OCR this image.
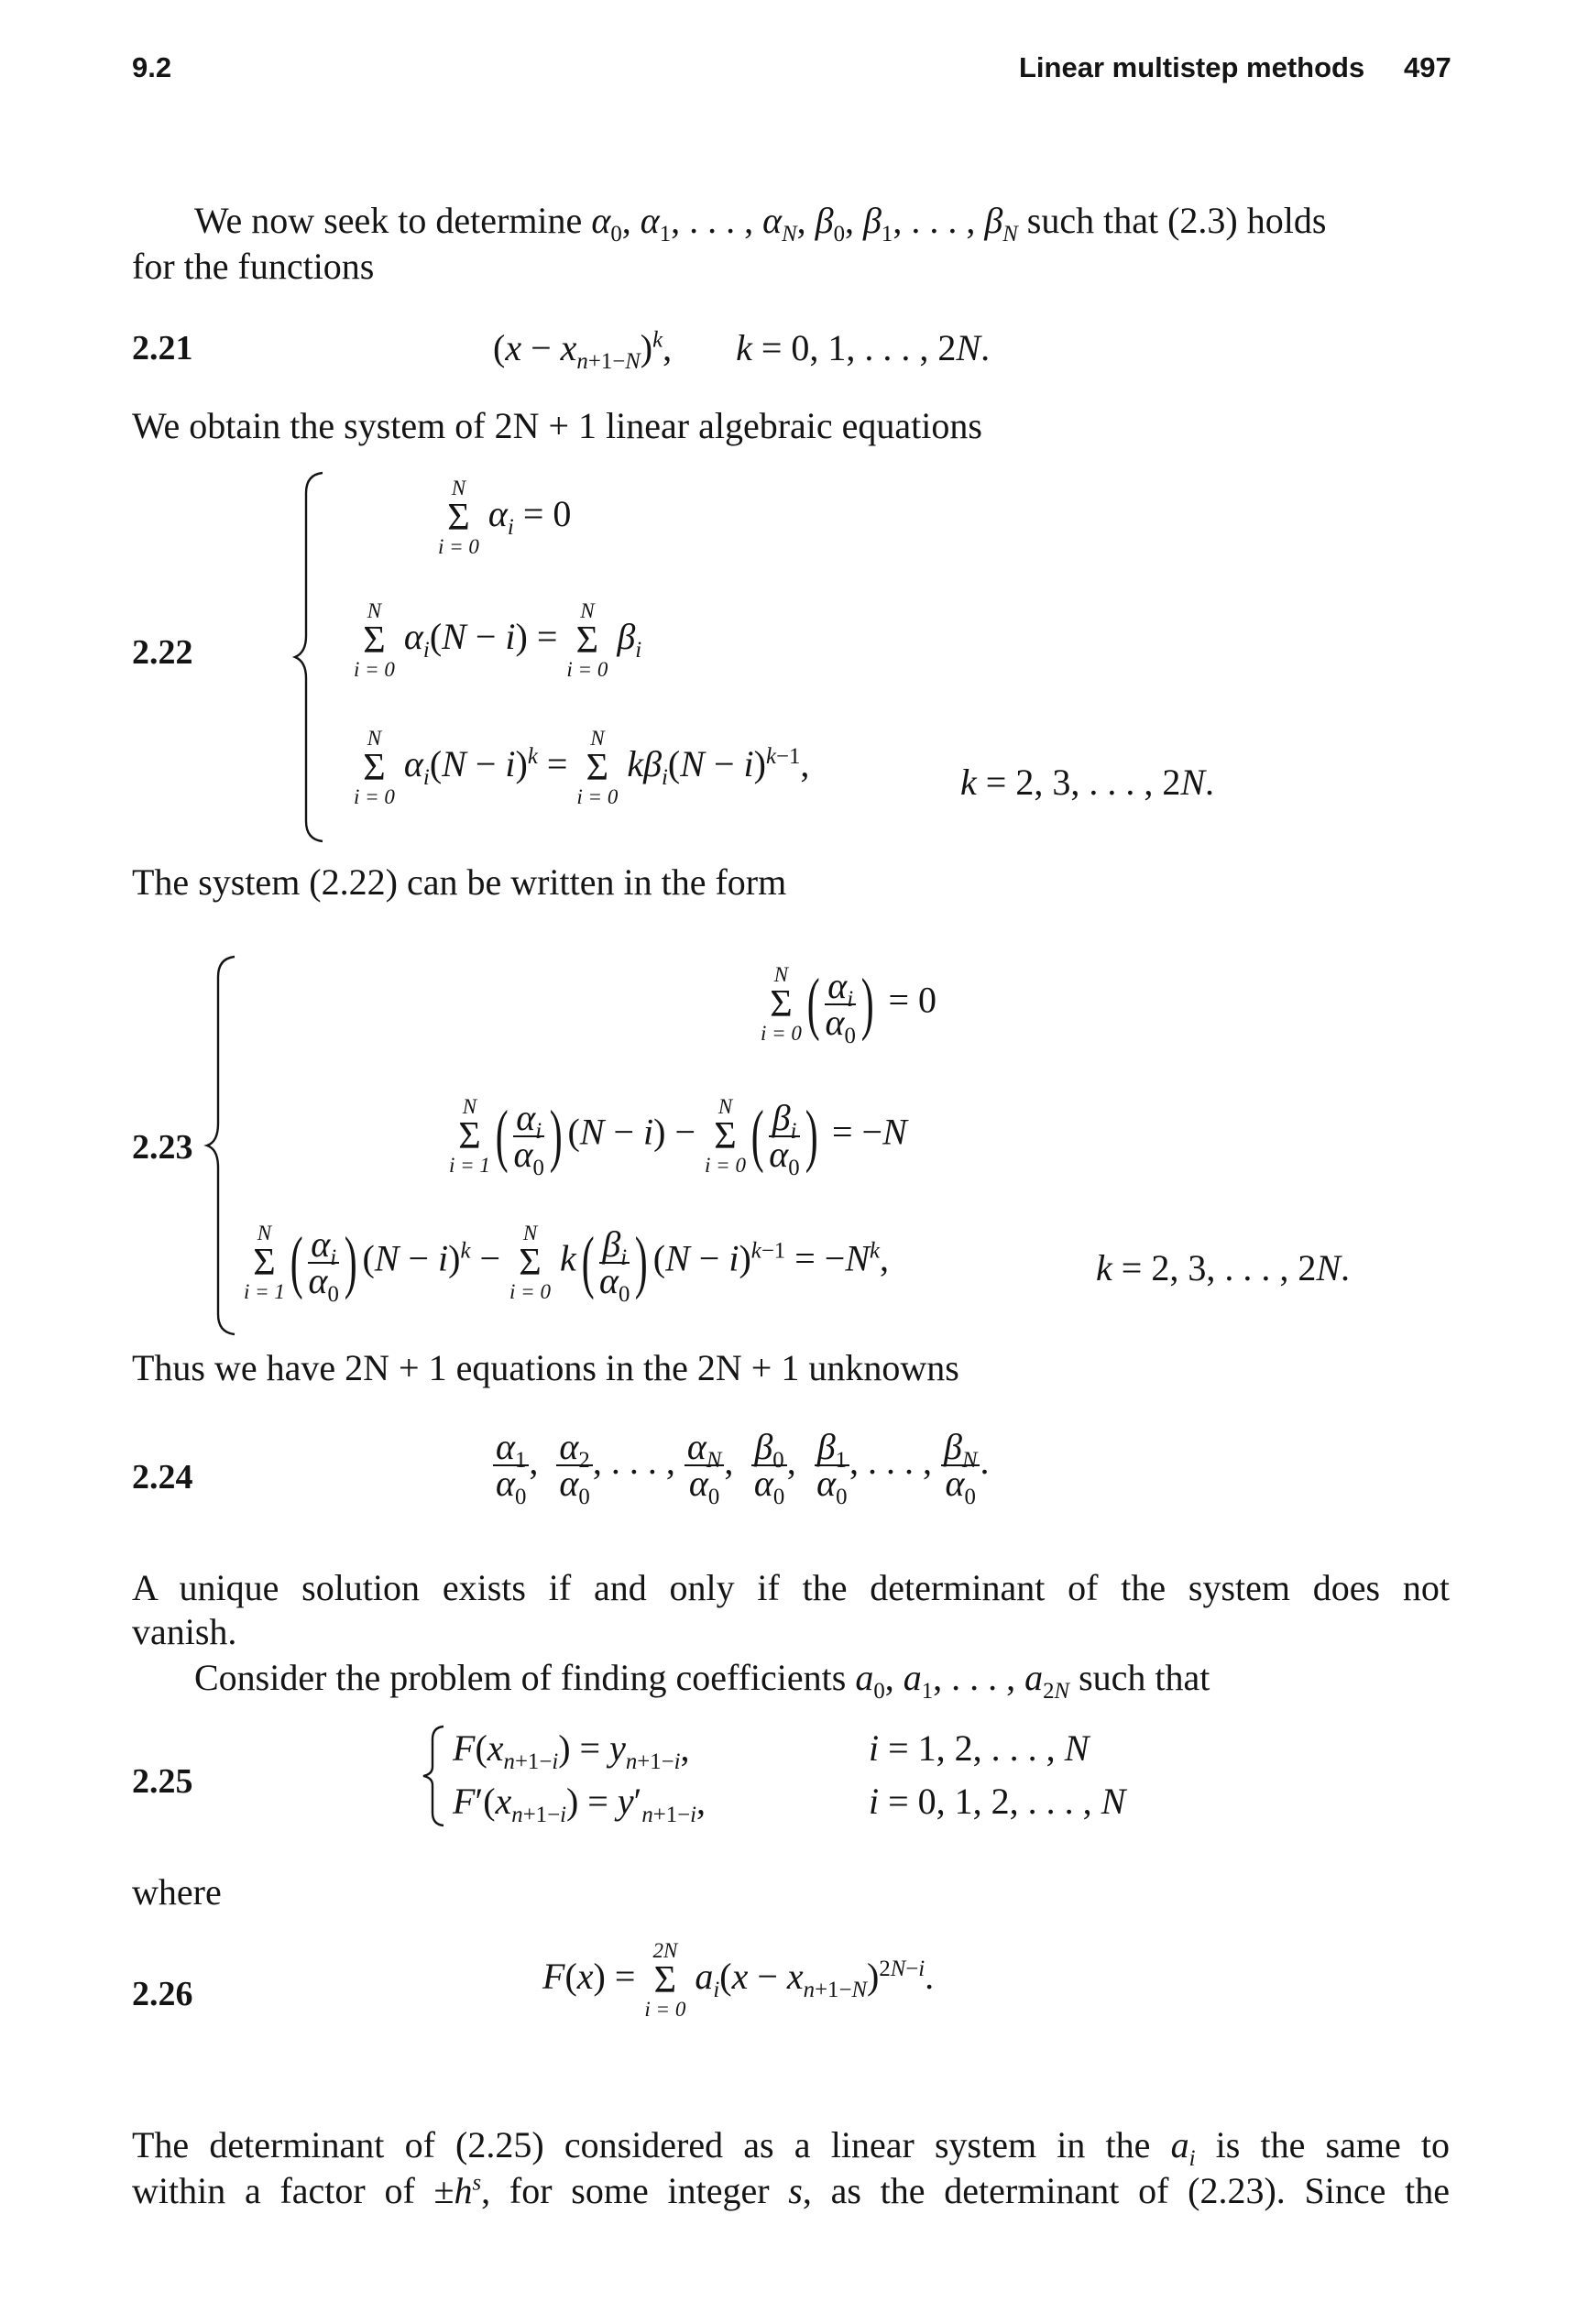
9.2	Linear multistep methods 497
We now seek to determine $\alpha_0$, $\alpha_1$, . . . , $\alpha_N$, $\beta_0$, $\beta_1$, . . . , $\beta_N$ such that (2.3) holds
for the functions
2.21	$(x - x_{n+1-N})^k$,       k = 0, 1, . . . , 2N.
We obtain the system of 2N + 1 linear algebraic equations
2.22
N
Σ
i = 0
$\alpha_i = 0$
N
Σ
i = 0
$\alpha_i(N - i)$ =
N
Σ
i = 0
$\beta_i$
N
Σ
i = 0
$\alpha_i(N - i)^k$ =
N
Σ
i = 0
$k\beta_i(N - i)^{k-1}$,	k = 2, 3, . . . , 2N.
The system (2.22) can be written in the form
2.23
N
Σ
i = 0 ( $\frac{\alpha_i}{\alpha_0}$ ) = 0
N
Σ
i = 1 ( $\frac{\alpha_i}{\alpha_0}$ ) (N − i) −
N
Σ
i = 0 ( $\frac{\beta_i}{\alpha_0}$ ) = −N
N
Σ
i = 1 ( $\frac{\alpha_i}{\alpha_0}$ ) $(N - i)^k$ −
N
Σ
i = 0
$k( \frac{\beta_i}{\alpha_0}$ ) $(N - i)^{k-1} = -N^k$,	k = 2, 3, . . . , 2N.
Thus we have 2N + 1 equations in the 2N + 1 unknowns
2.24	$\frac{\alpha_1}{\alpha_0}$ , $\frac{\alpha_2}{\alpha_0}$ , . . . , $\frac{\alpha_N}{\alpha_0}$ , $\frac{\beta_0}{\alpha_0}$ , $\frac{\beta_1}{\alpha_0}$ , . . . , $\frac{\beta_N}{\alpha_0}$ .
A unique solution exists if and only if the determinant of the system does not
vanish.
Consider the problem of finding coefficients $a_0$, $a_1$, . . . , $a_{2N}$ such that
2.25
$F(x_{n+1-i}) = y_{n+1-i}$,	i = 1, 2, . . . , N
$F'(x_{n+1-i}) = y'_{n+1-i}$,	i = 0, 1, 2, . . . , N
where
2.26	F(x) =
2N
Σ
i = 0
$a_i(x - x_{n+1-N})^{2N-i}$.
The determinant of (2.25) considered as a linear system in the $a_i$ is the same to
within a factor of $\pm h^s$, for some integer s, as the determinant of (2.23). Since the
